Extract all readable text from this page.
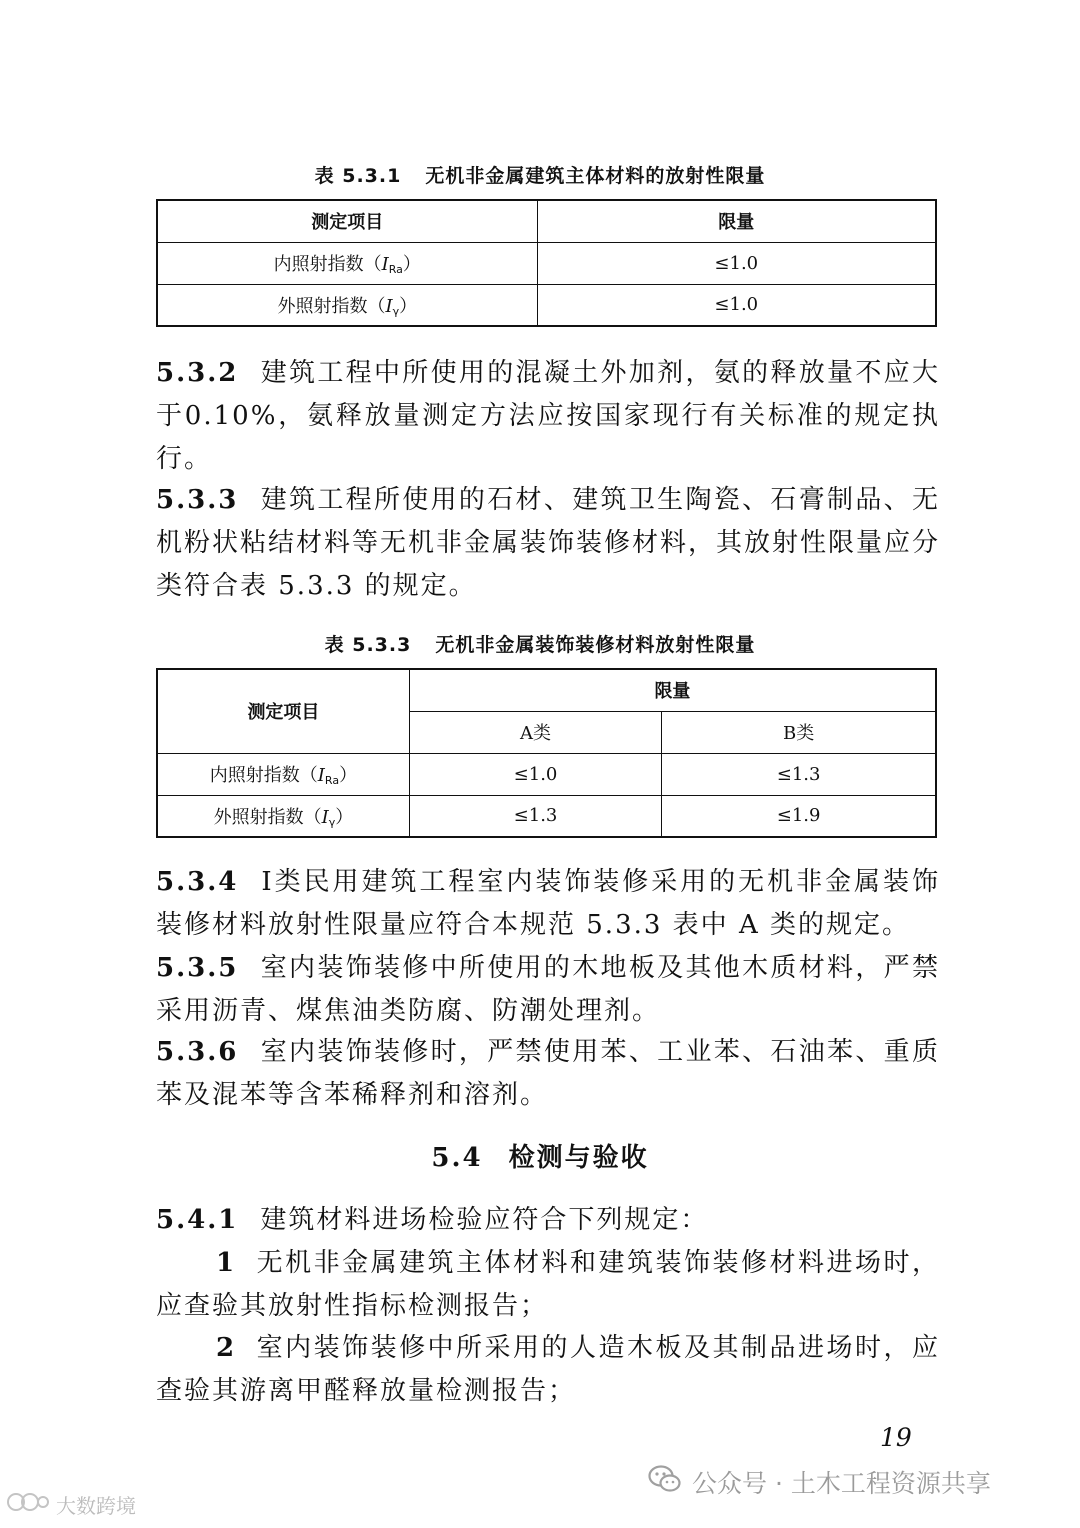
表 5.3.1 无机非金属建筑主体材料的放射性限量
测定项目	限量
内照射指数$(I_{Ra})$	≤1.0
外照射指数$(I_\gamma)$	≤1.0
5.3.2 建筑工程中所使用的混凝土外加剂，氨的释放量不应大于0.10%，氨释放量测定方法应按国家现行有关标准的规定执行。
5.3.3 建筑工程所使用的石材、建筑卫生陶瓷、石膏制品、无机粉状粘结材料等无机非金属装饰装修材料，其放射性限量应分类符合表 5.3.3 的规定。
表 5.3.3 无机非金属装饰装修材料放射性限量
测定项目	限量	
	A类	B类
内照射指数$(I_{Ra})$	≤1.0	≤1.3
外照射指数$(I_\gamma)$	≤1.3	≤1.9
5.3.4 Ⅰ类民用建筑工程室内装饰装修采用的无机非金属装饰装修材料放射性限量应符合本规范 5.3.3 表中 A 类的规定。
5.3.5 室内装饰装修中所使用的木地板及其他木质材料，严禁采用沥青、煤焦油类防腐、防潮处理剂。
5.3.6 室内装饰装修时，严禁使用苯、工业苯、石油苯、重质苯及混苯等含苯稀释剂和溶剂。
5.4 检测与验收
5.4.1 建筑材料进场检验应符合下列规定：
1 无机非金属建筑主体材料和建筑装饰装修材料进场时，应查验其放射性指标检测报告；
2 室内装饰装修中所采用的人造木板及其制品进场时，应查验其游离甲醛释放量检测报告；
19
公众号 · 土木工程资源共享
大数跨境
